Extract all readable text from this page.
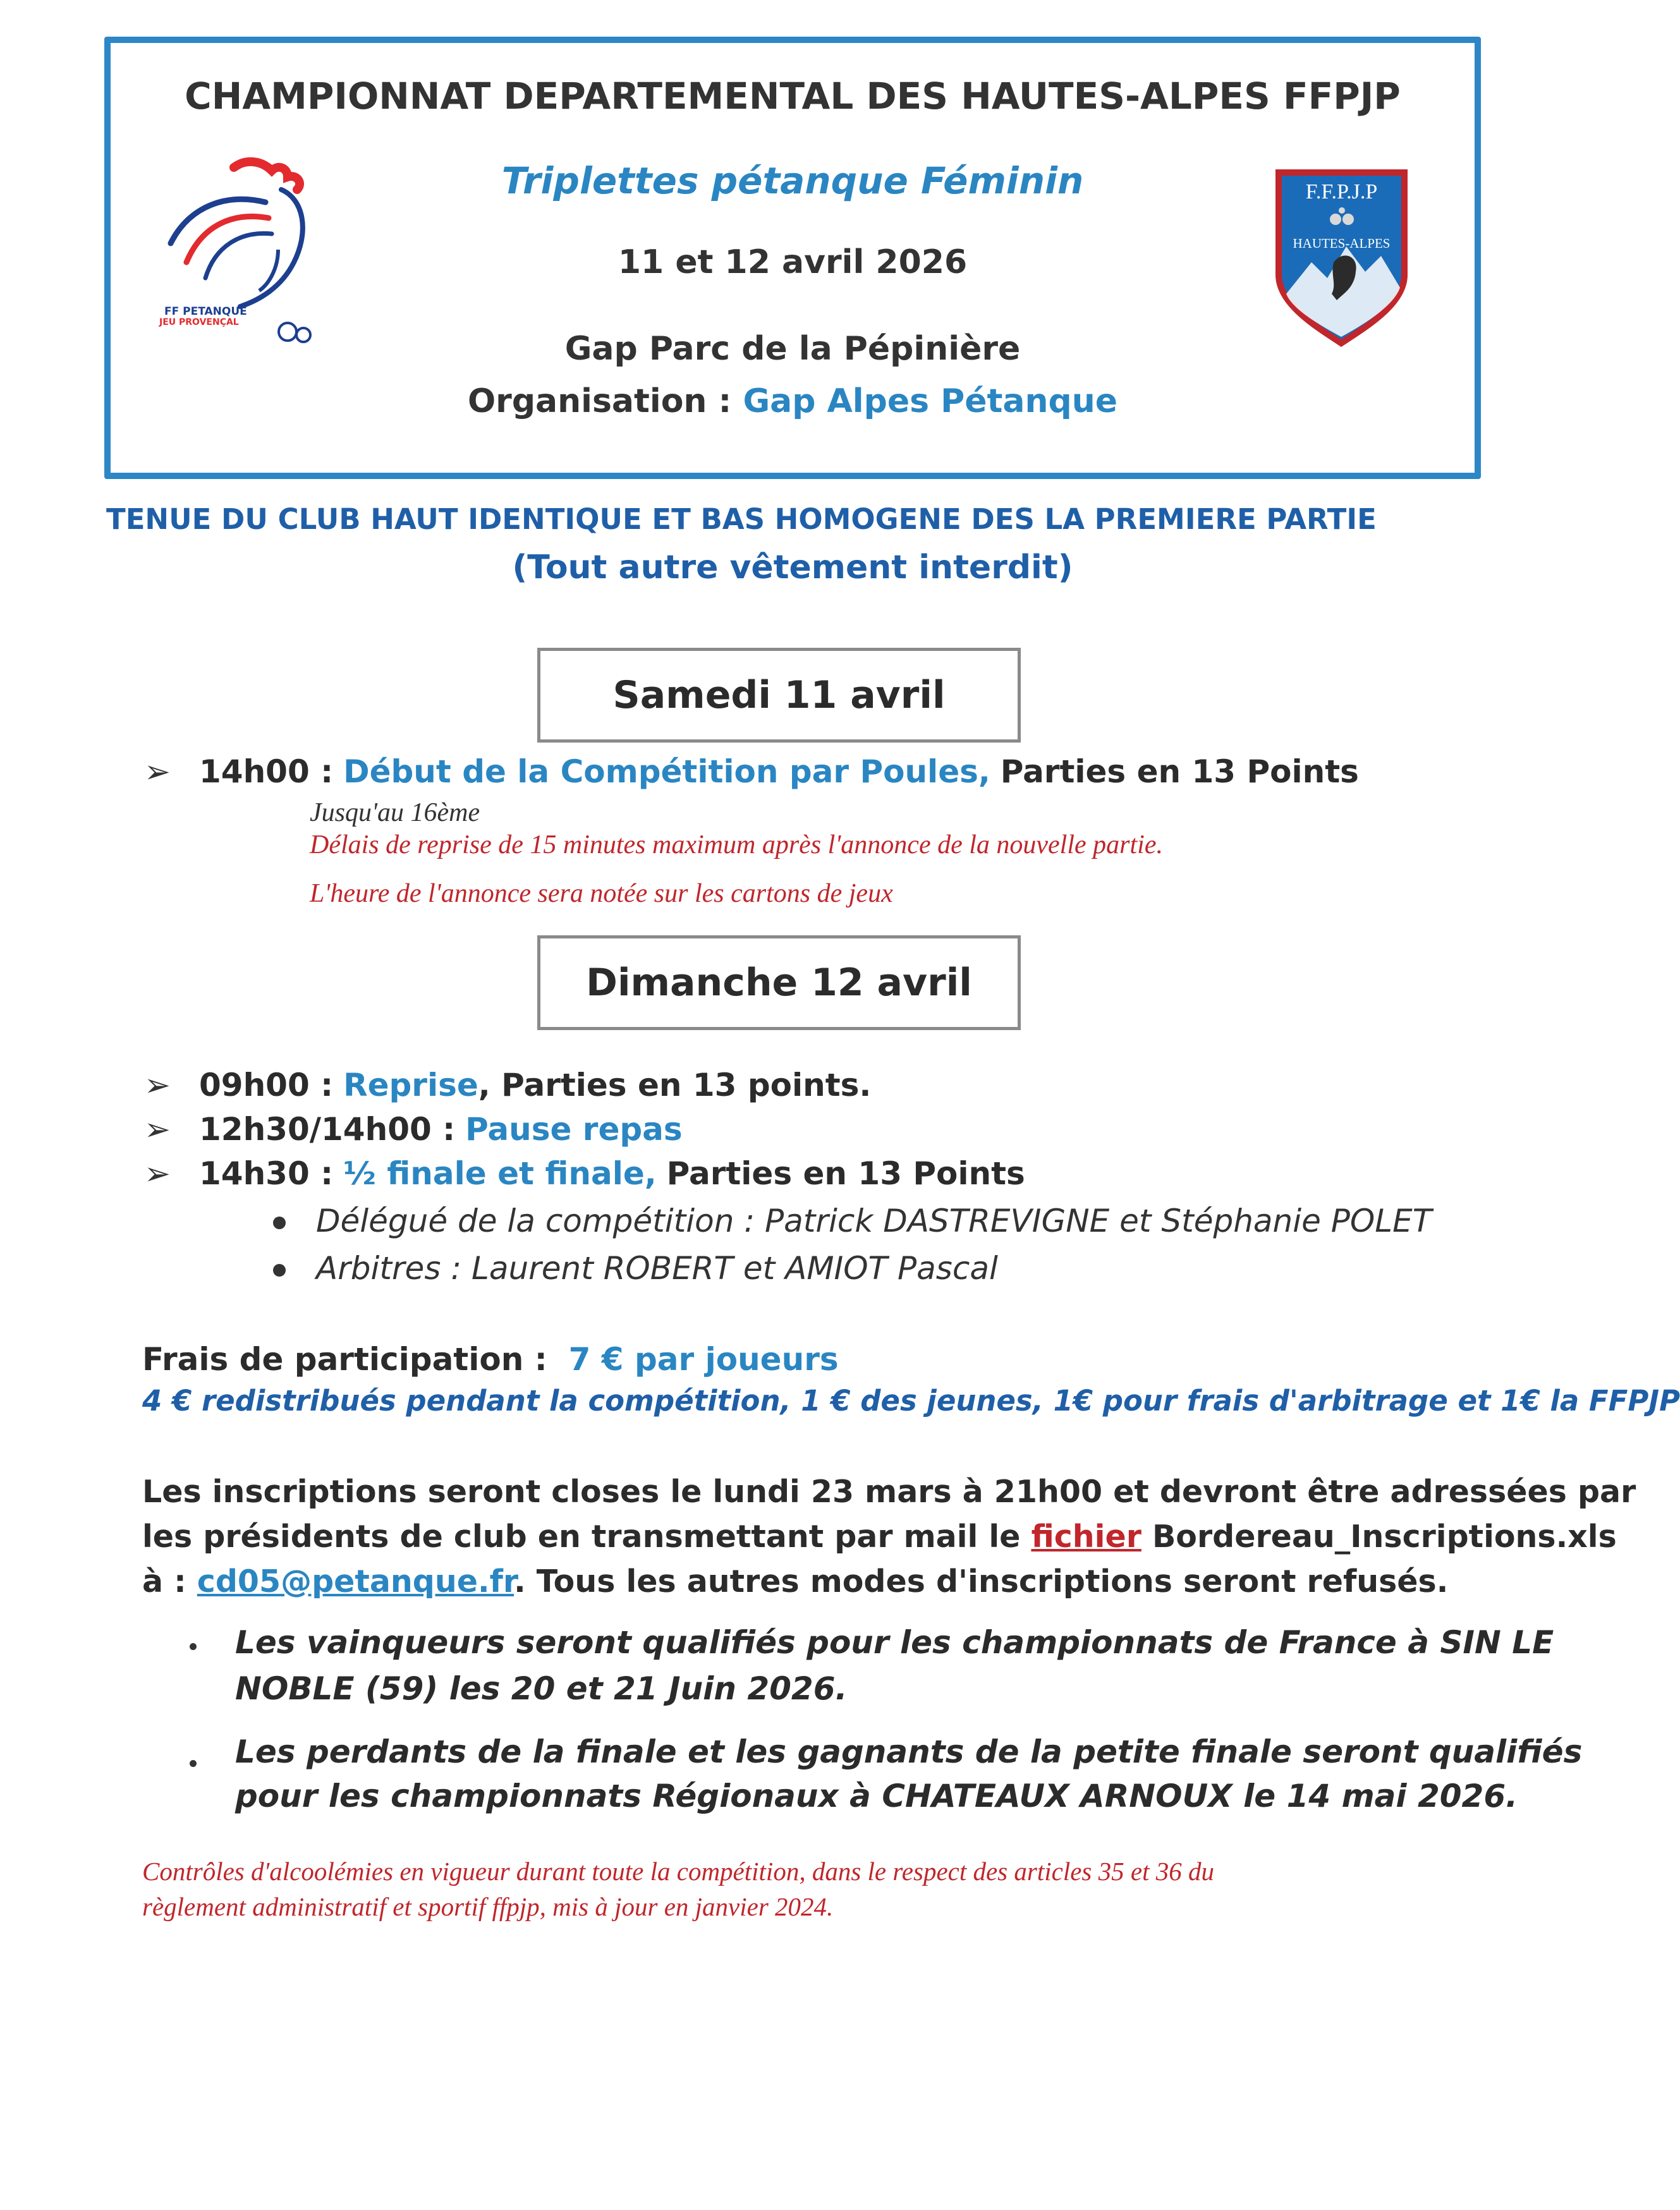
CHAMPIONNAT DEPARTEMENTAL DES HAUTES-ALPES FFPJP
Triplettes pétanque Féminin
11 et 12 avril 2026
Gap Parc de la Pépinière
Organisation : Gap Alpes Pétanque
FF PETANQUE
JEU PROVENÇAL
F.F.P.J.P
HAUTES-ALPES
TENUE DU CLUB HAUT IDENTIQUE ET BAS HOMOGENE DES LA PREMIERE PARTIE
(Tout autre vêtement interdit)
Samedi 11 avril
➢ 14h00 : Début de la Compétition par Poules, Parties en 13 Points
Jusqu'au 16ème
Délais de reprise de 15 minutes maximum après l'annonce de la nouvelle partie.
L'heure de l'annonce sera notée sur les cartons de jeux
Dimanche 12 avril
➢ 09h00 : Reprise, Parties en 13 points.
➢ 12h30/14h00 : Pause repas
➢ 14h30 : ½ finale et finale, Parties en 13 Points
Délégué de la compétition : Patrick DASTREVIGNE et Stéphanie POLET
Arbitres : Laurent ROBERT et AMIOT Pascal
Frais de participation : 7 € par joueurs
4 € redistribués pendant la compétition, 1 € des jeunes, 1€ pour frais d'arbitrage et 1€ la FFPJP
Les inscriptions seront closes le lundi 23 mars à 21h00 et devront être adressées par
les présidents de club en transmettant par mail le fichier Bordereau_Inscriptions.xls
à : cd05@petanque.fr. Tous les autres modes d'inscriptions seront refusés.
Les vainqueurs seront qualifiés pour les championnats de France à SIN LE
NOBLE (59) les 20 et 21 Juin 2026.
Les perdants de la finale et les gagnants de la petite finale seront qualifiés
pour les championnats Régionaux à CHATEAUX ARNOUX le 14 mai 2026.
Contrôles d'alcoolémies en vigueur durant toute la compétition, dans le respect des articles 35 et 36 du
règlement administratif et sportif ffpjp, mis à jour en janvier 2024.
